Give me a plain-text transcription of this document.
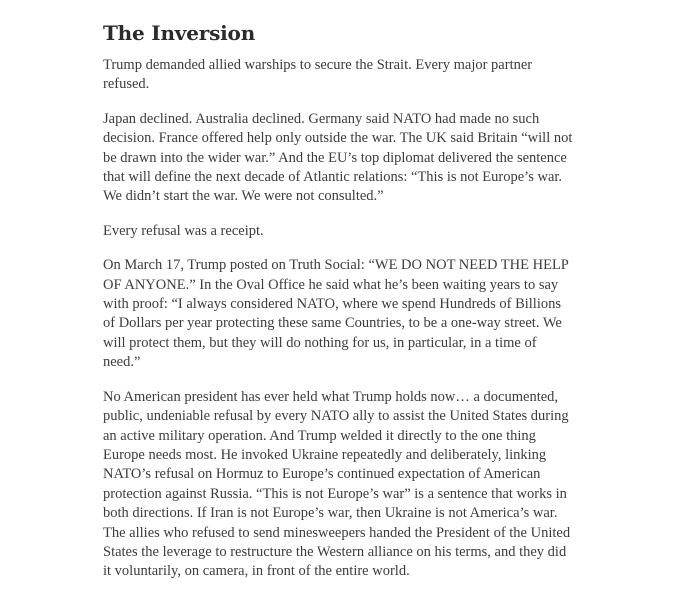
The Inversion

Trump demanded allied warships to secure the Strait. Every major partner refused.

Japan declined. Australia declined. Germany said NATO had made no such decision. France offered help only outside the war. The UK said Britain “will not be drawn into the wider war.” And the EU’s top diplomat delivered the sentence that will define the next decade of Atlantic relations: “This is not Europe’s war. We didn’t start the war. We were not consulted.”

Every refusal was a receipt.

On March 17, Trump posted on Truth Social: “WE DO NOT NEED THE HELP OF ANYONE.” In the Oval Office he said what he’s been waiting years to say with proof: “I always considered NATO, where we spend Hundreds of Billions of Dollars per year protecting these same Countries, to be a one-way street. We will protect them, but they will do nothing for us, in particular, in a time of need.”

No American president has ever held what Trump holds now… a documented, public, undeniable refusal by every NATO ally to assist the United States during an active military operation. And Trump welded it directly to the one thing Europe needs most. He invoked Ukraine repeatedly and deliberately, linking NATO’s refusal on Hormuz to Europe’s continued expectation of American protection against Russia. “This is not Europe’s war” is a sentence that works in both directions. If Iran is not Europe’s war, then Ukraine is not America’s war. The allies who refused to send minesweepers handed the President of the United States the leverage to restructure the Western alliance on his terms, and they did it voluntarily, on camera, in front of the entire world.
